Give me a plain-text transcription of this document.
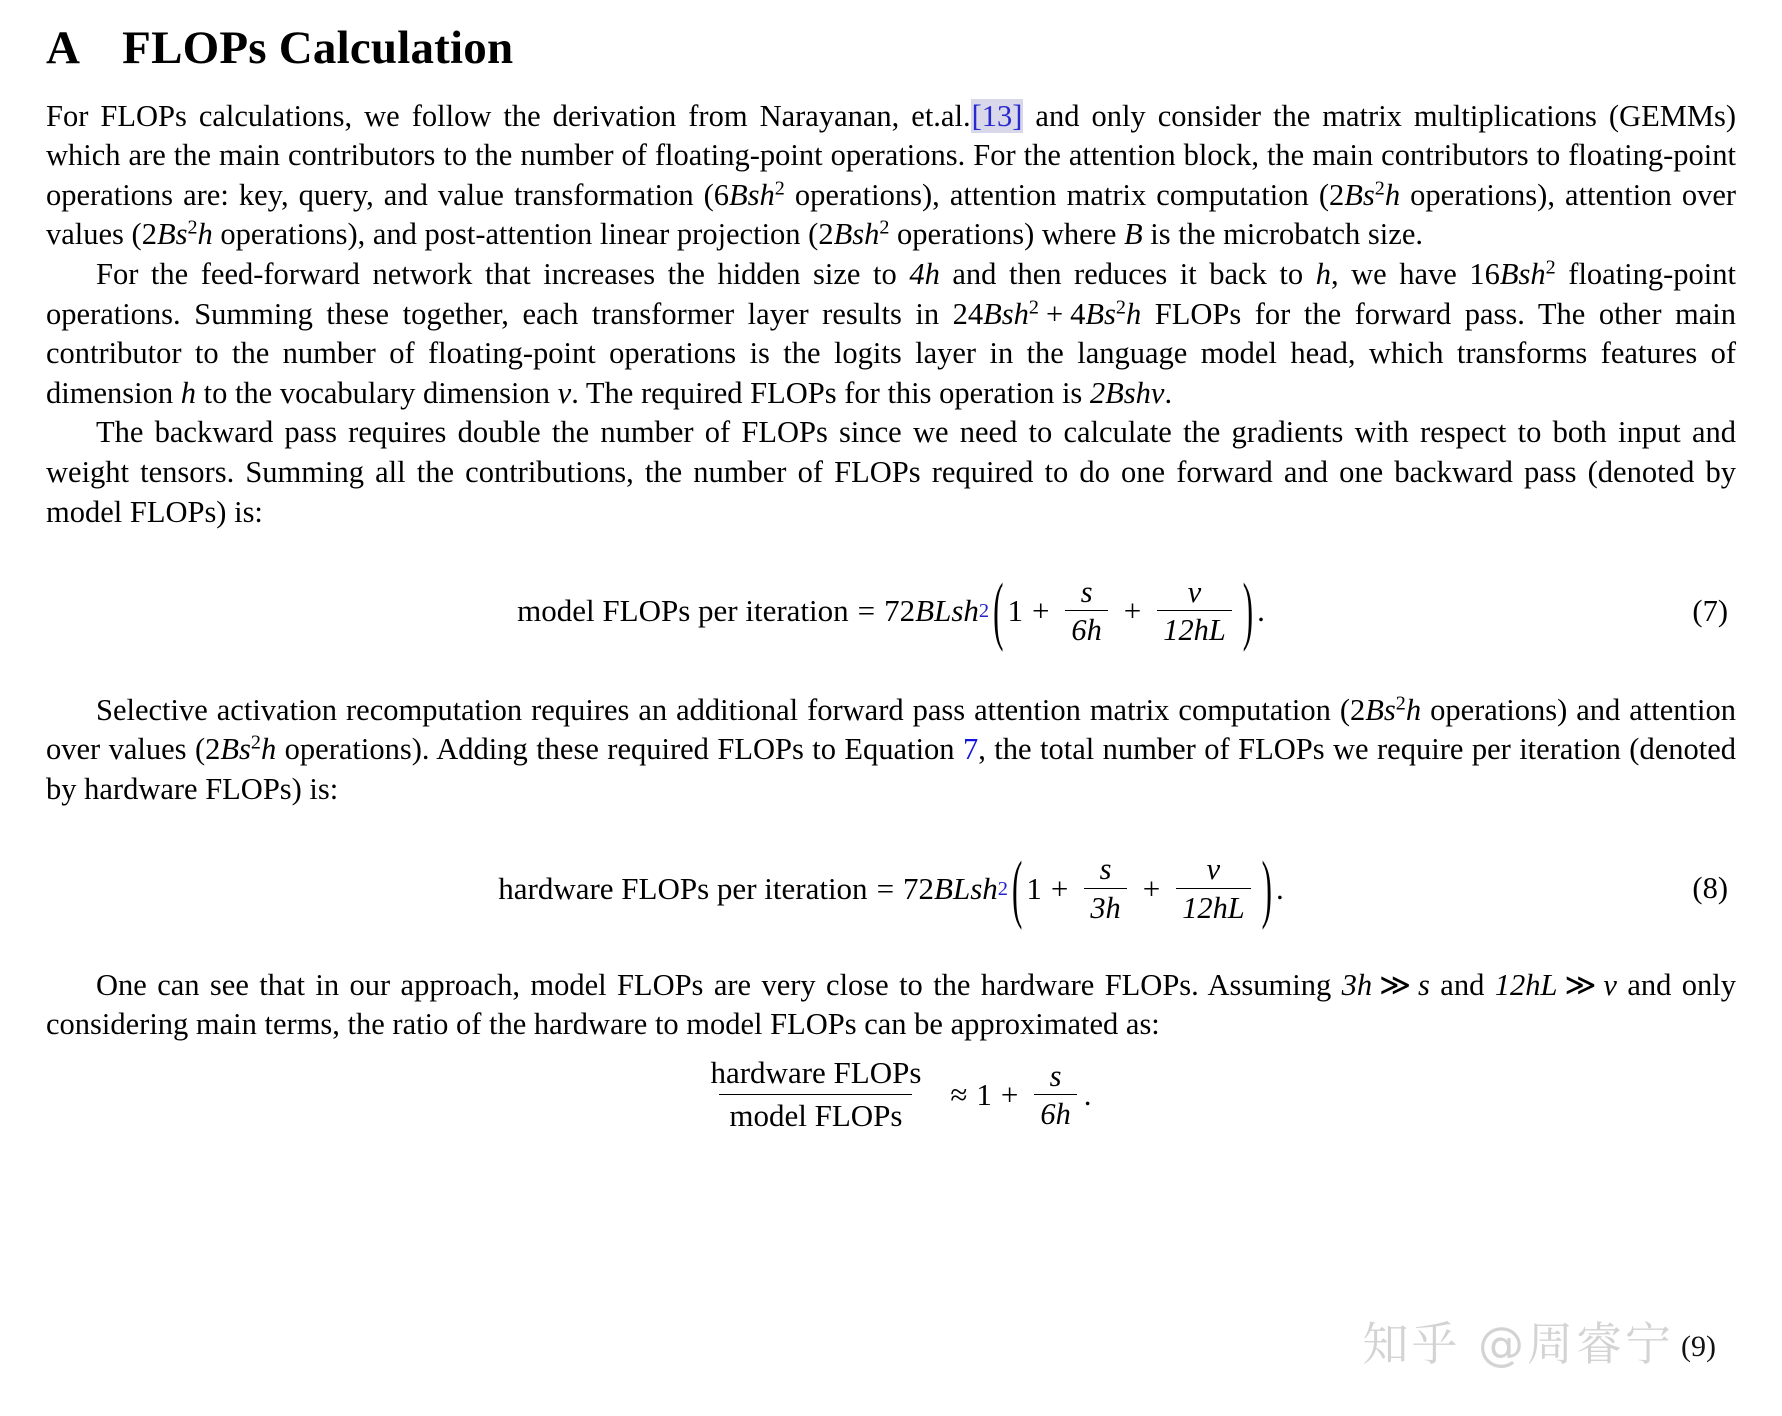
A FLOPs Calculation

For FLOPs calculations, we follow the derivation from Narayanan, et.al.[13] and only consider the matrix multiplications (GEMMs) which are the main contributors to the number of floating-point operations. For the attention block, the main contributors to floating-point operations are: key, query, and value transformation (6Bsh$^2$ operations), attention matrix computation (2Bs$^2$h operations), attention over values (2Bs$^2$h operations), and post-attention linear projection (2Bsh$^2$ operations) where B is the microbatch size.

For the feed-forward network that increases the hidden size to 4h and then reduces it back to h, we have 16Bsh$^2$ floating-point operations. Summing these together, each transformer layer results in $24Bsh^2 + 4Bs^2h$ FLOPs for the forward pass. The other main contributor to the number of floating-point operations is the logits layer in the language model head, which transforms features of dimension h to the vocabulary dimension v. The required FLOPs for this operation is 2Bshv.

The backward pass requires double the number of FLOPs since we need to calculate the gradients with respect to both input and weight tensors. Summing all the contributions, the number of FLOPs required to do one forward and one backward pass (denoted by model FLOPs) is:

model FLOPs per iteration = 72 BLsh 2 ( $1 + \frac{s}{6h} + \frac{v}{12hL}$ ) .	(7)

Selective activation recomputation requires an additional forward pass attention matrix computation (2Bs$^2$h operations) and attention over values (2Bs$^2$h operations). Adding these required FLOPs to Equation 7, the total number of FLOPs we require per iteration (denoted by hardware FLOPs) is:

hardware FLOPs per iteration = 72 BLsh 2 ( $1 + \frac{s}{3h} + \frac{v}{12hL}$ ) .	(8)

One can see that in our approach, model FLOPs are very close to the hardware FLOPs. Assuming 3h ≫ s and 12hL ≫ v and only considering main terms, the ratio of the hardware to model FLOPs can be approximated as:

$\frac{\text{hardware FLOPs}}{\text{model FLOPs}} \approx 1 + \frac{s}{6h}$ .
(9)
知乎 @周睿宁
